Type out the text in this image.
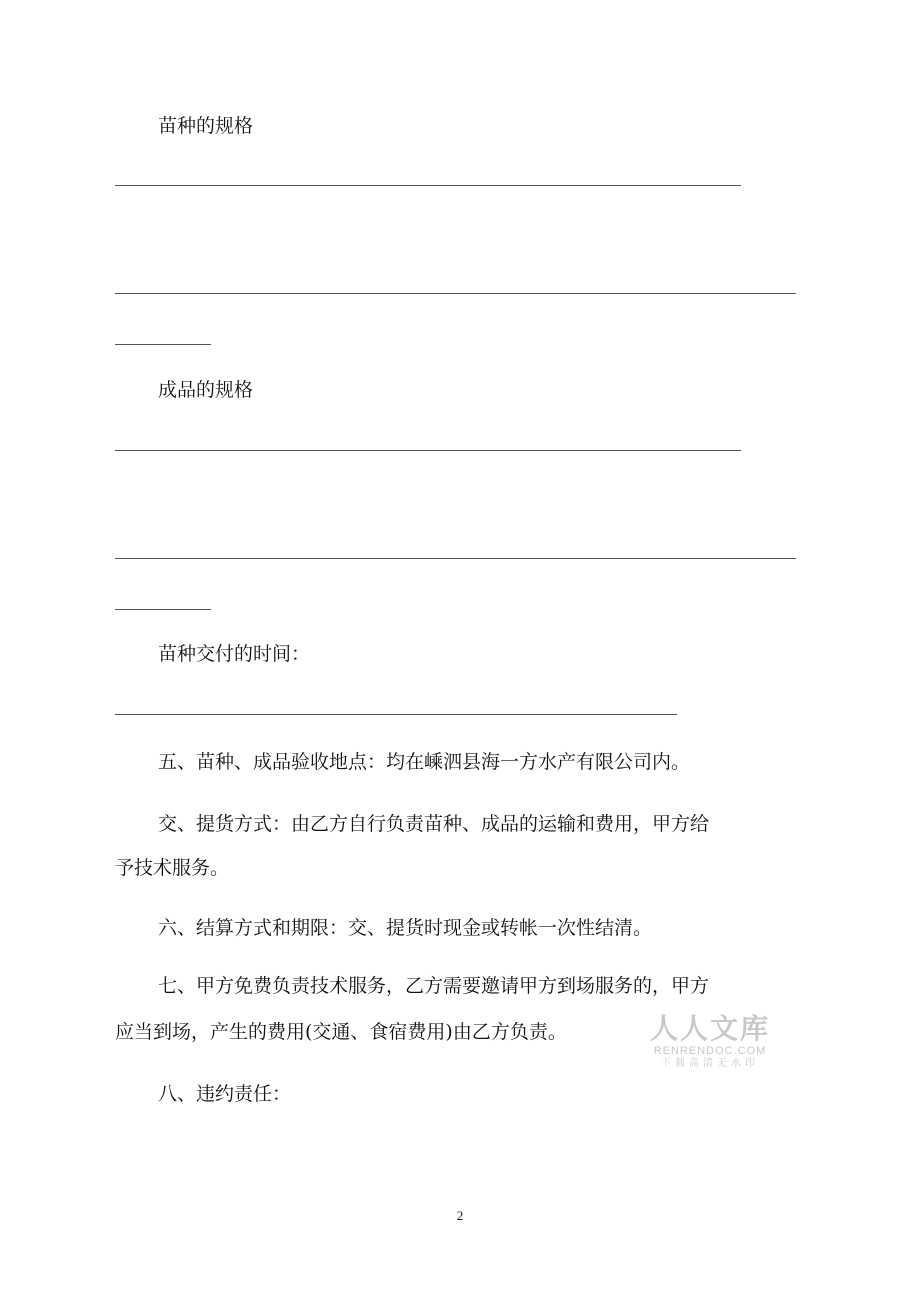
苗种的规格
成品的规格
苗种交付的时间：
五、苗种、成品验收地点：均在嵊泗县海一方水产有限公司内。
交、提货方式：由乙方自行负责苗种、成品的运输和费用，甲方给
予技术服务。
六、结算方式和期限：交、提货时现金或转帐一次性结清。
七、甲方免费负责技术服务，乙方需要邀请甲方到场服务的，甲方
应当到场，产生的费用(交通、食宿费用)由乙方负责。
八、违约责任：
人人文库
RENRENDOC.COM
下载高清无水印
2
